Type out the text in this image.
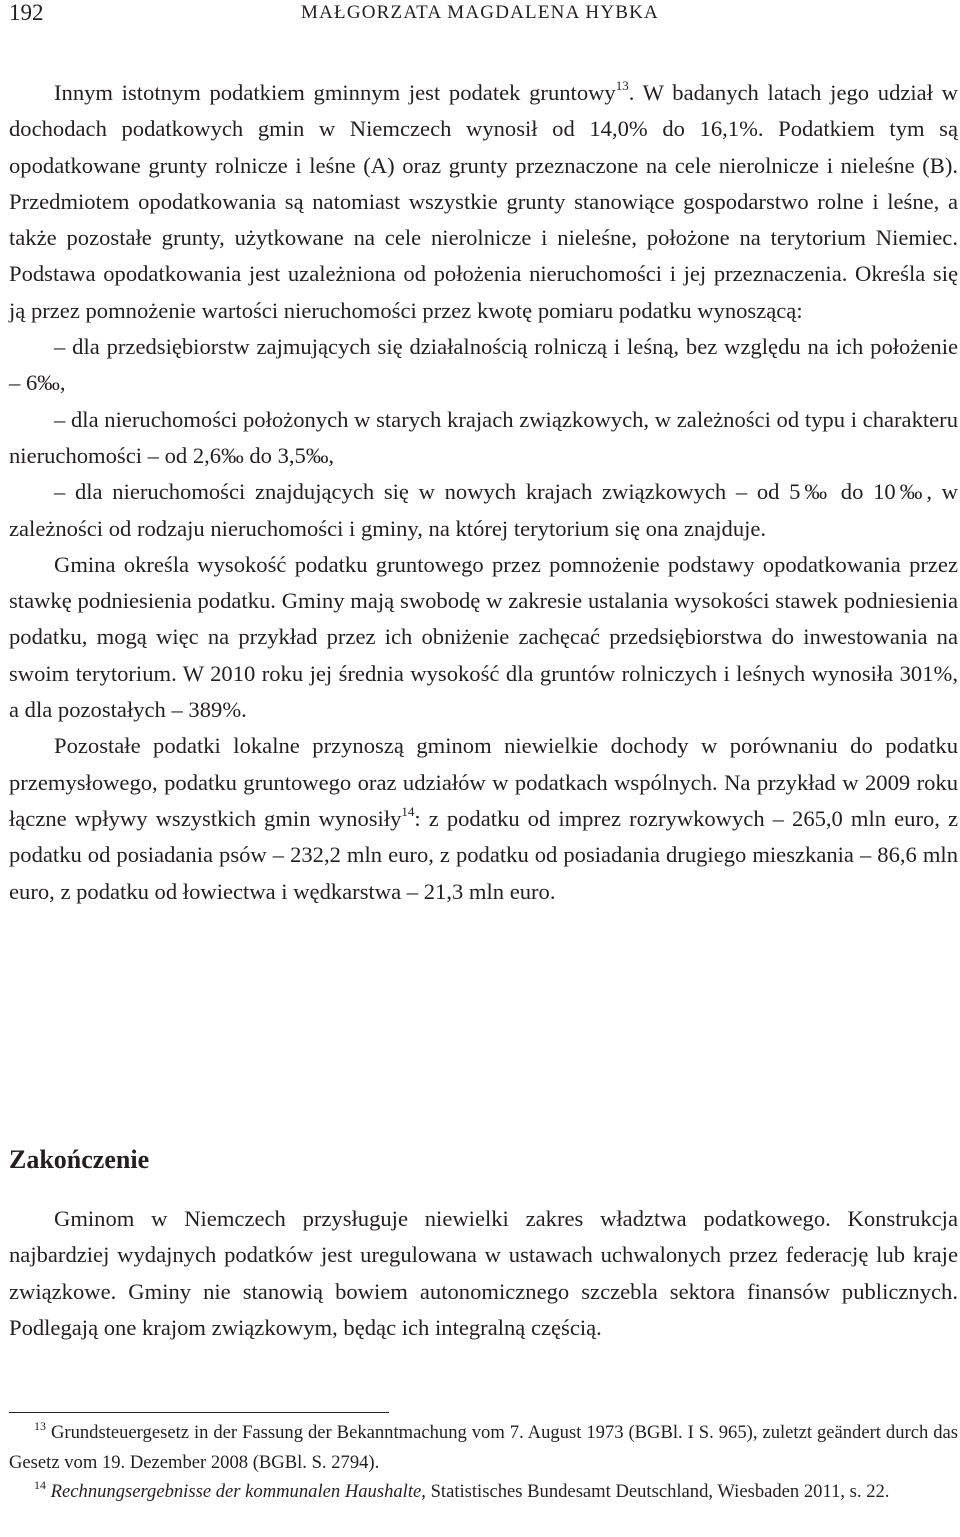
192	MAŁGORZATA MAGDALENA HYBKA

Innym istotnym podatkiem gminnym jest podatek gruntowy$^{13}$. W badanych latach jego udział w dochodach podatkowych gmin w Niemczech wynosił od 14,0% do 16,1%. Podatkiem tym są opodatkowane grunty rolnicze i leśne (A) oraz grunty przeznaczone na cele nierolnicze i nieleśne (B). Przedmiotem opodatkowania są natomiast wszystkie grunty stanowiące gospodarstwo rolne i leśne, a także pozostałe grunty, użytkowane na cele nierolnicze i nieleśne, położone na terytorium Niemiec. Podstawa opodatkowania jest uzależniona od położenia nieruchomości i jej przeznaczenia. Określa się ją przez pomnożenie wartości nieruchomości przez kwotę pomiaru podatku wynoszącą:

– dla przedsiębiorstw zajmujących się działalnością rolniczą i leśną, bez względu na ich położenie – 6‰,

– dla nieruchomości położonych w starych krajach związkowych, w zależności od typu i charakteru nieruchomości – od 2,6‰ do 3,5‰,

– dla nieruchomości znajdujących się w nowych krajach związkowych – od 5‰ do 10‰, w zależności od rodzaju nieruchomości i gminy, na której terytorium się ona znajduje.

Gmina określa wysokość podatku gruntowego przez pomnożenie podstawy opodatkowania przez stawkę podniesienia podatku. Gminy mają swobodę w zakresie ustalania wysokości stawek podniesienia podatku, mogą więc na przykład przez ich obniżenie zachęcać przedsiębiorstwa do inwestowania na swoim terytorium. W 2010 roku jej średnia wysokość dla gruntów rolniczych i leśnych wynosiła 301%, a dla pozostałych – 389%.

Pozostałe podatki lokalne przynoszą gminom niewielkie dochody w porównaniu do podatku przemysłowego, podatku gruntowego oraz udziałów w podatkach wspólnych. Na przykład w 2009 roku łączne wpływy wszystkich gmin wynosiły$^{14}$: z podatku od imprez rozrywkowych – 265,0 mln euro, z podatku od posiadania psów – 232,2 mln euro, z podatku od posiadania drugiego mieszkania – 86,6 mln euro, z podatku od łowiectwa i wędkarstwa – 21,3 mln euro.

Zakończenie

Gminom w Niemczech przysługuje niewielki zakres władztwa podatkowego. Konstrukcja najbardziej wydajnych podatków jest uregulowana w ustawach uchwalonych przez federację lub kraje związkowe. Gminy nie stanowią bowiem autonomicznego szczebla sektora finansów publicznych. Podlegają one krajom związkowym, będąc ich integralną częścią.

$^{13}$ Grundsteuergesetz in der Fassung der Bekanntmachung vom 7. August 1973 (BGBl. I S. 965), zuletzt geändert durch das Gesetz vom 19. Dezember 2008 (BGBl. S. 2794).

$^{14}$ Rechnungsergebnisse der kommunalen Haushalte, Statistisches Bundesamt Deutschland, Wiesbaden 2011, s. 22.
